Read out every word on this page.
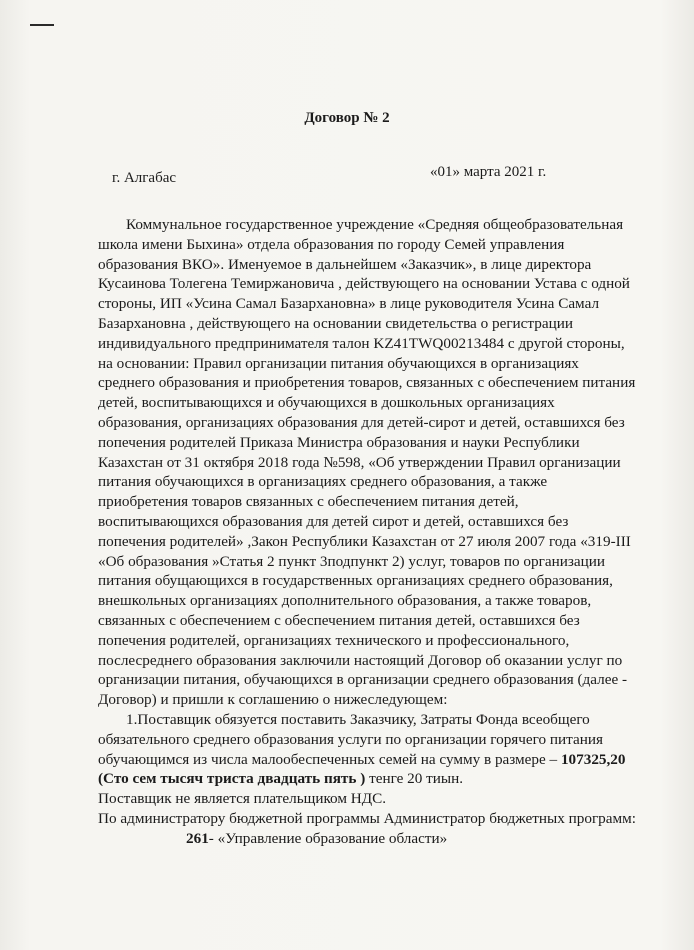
Договор № 2
г. Алгабас	«01» марта 2021 г.

Коммунальное государственное учреждение «Средняя общеобразовательная школа имени Быхина» отдела образования по городу Семей управления образования ВКО». Именуемое в дальнейшем «Заказчик», в лице директора Кусаинова Толегена Темиржановича , действующего на основании Устава с одной стороны, ИП «Усина Самал Базархановна» в лице руководителя Усина Самал Базархановна , действующего на основании свидетельства о регистрации индивидуального предпринимателя талон KZ41TWQ00213484 с другой стороны, на основании: Правил организации питания обучающихся в организациях среднего образования и приобретения товаров, связанных с обеспечением питания детей, воспитывающихся и обучающихся в дошкольных организациях образования, организациях образования для детей-сирот и детей, оставшихся без попечения родителей Приказа Министра образования и науки Республики Казахстан от 31 октября 2018 года №598, «Об утверждении Правил организации питания обучающихся в организациях среднего образования, а также приобретения товаров связанных с обеспечением питания детей, воспитывающихся образования для детей сирот и детей, оставшихся без попечения родителей» ,Закон Республики Казахстан от 27 июля 2007 года «319-III «Об образования »Статья 2 пункт 3подпункт 2) услуг, товаров по организации питания обущающихся в государственных организациях среднего образования, внешкольных организациях дополнительного образования, а также товаров, связанных с обеспечением с обеспечением питания детей, оставшихся без попечения родителей, организациях технического и профессионального, послесреднего образования заключили настоящий Договор об оказании услуг по организации питания, обучающихся в организации среднего образования (далее - Договор) и пришли к соглашению о нижеследующем:

1.Поставщик обязуется поставить Заказчику, Затраты Фонда всеобщего обязательного среднего образования услуги по организации горячего питания обучающимся из числа малообеспеченных семей на сумму в размере – 107325,20 (Сто сем тысяч триста двадцать пять ) тенге 20 тиын.

Поставщик не является плательщиком НДС.

По администратору бюджетной программы Администратор бюджетных программ:

261- «Управление образование области»
